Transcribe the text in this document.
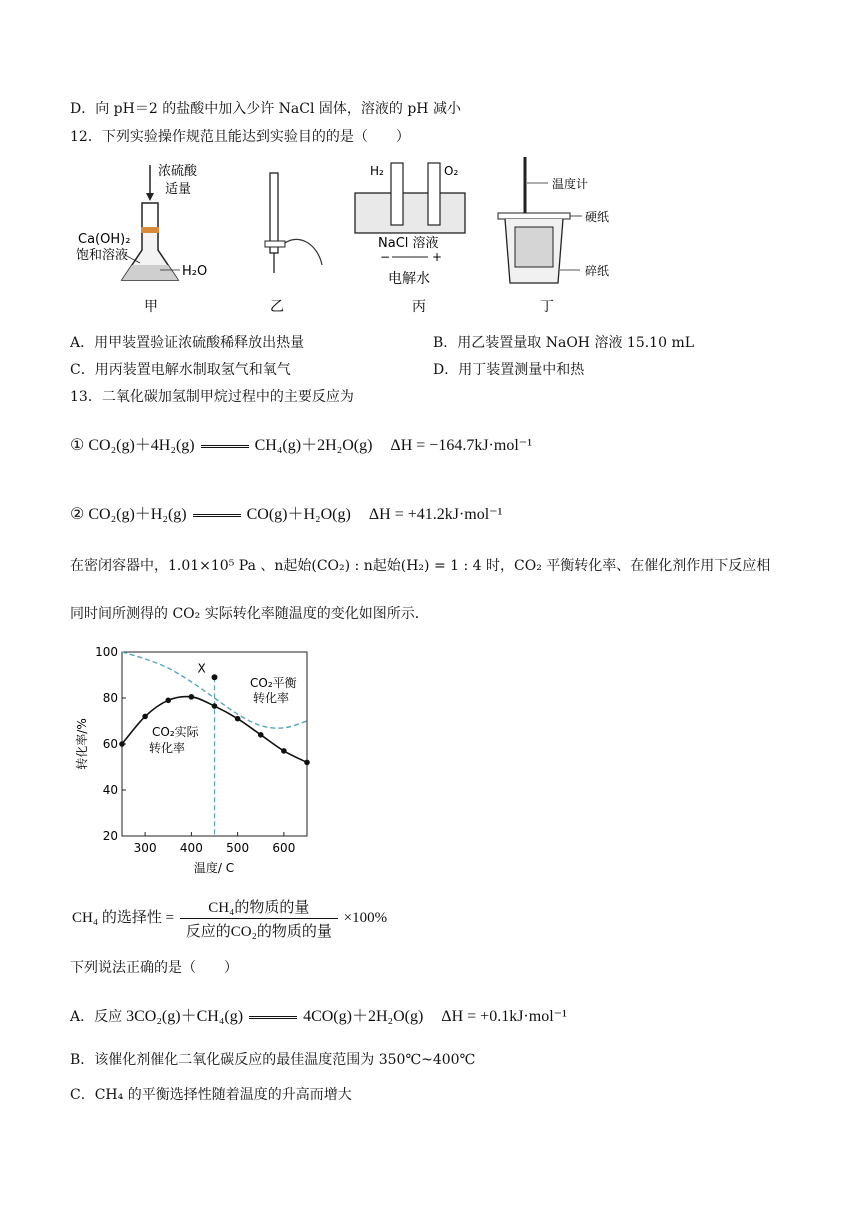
D．向 pH＝2 的盐酸中加入少许 NaCl 固体，溶液的 pH 减小
12．下列实验操作规范且能达到实验目的的是（　　）
浓硫酸
适量
Ca(OH)₂
饱和溶液
H₂O
甲	乙
H₂	O₂
NaCl 溶液
−	+
电解水
丙
温度计
硬纸
碎纸
丁
A．用甲装置验证浓硫酸稀释放出热量	B．用乙装置量取 NaOH 溶液 15.10 mL
C．用丙装置电解水制取氢气和氧气	D．用丁装置测量中和热
13．二氧化碳加氢制甲烷过程中的主要反应为
① CO₂(g)＋4H₂(g)	CH₄(g)＋2H₂O(g) ΔH = −164.7kJ·mol⁻¹
② CO₂(g)＋H₂(g)	CO(g)＋H₂O(g) ΔH = +41.2kJ·mol⁻¹
在密闭容器中，1.01×10⁵ Pa 、n起始(CO₂) : n起始(H₂) = 1 : 4 时，CO₂ 平衡转化率、在催化剂作用下反应相
同时间所测得的 CO₂ 实际转化率随温度的变化如图所示．
20
40
60
80
100
300 400 500 600
X
CO₂平衡
转化率
CO₂实际
转化率
转化率/%
温度/ C
CH₄ 的选择性 = $\frac{\text{CH₄的物质的量}}{\text{反应的CO₂的物质的量}} \times 100\%$
下列说法正确的是（　　）
A．反应 3CO₂(g)＋CH₄(g)	4CO(g)＋2H₂O(g) ΔH = +0.1kJ·mol⁻¹
B．该催化剂催化二氧化碳反应的最佳温度范围为 350℃~400℃
C．CH₄ 的平衡选择性随着温度的升高而增大
